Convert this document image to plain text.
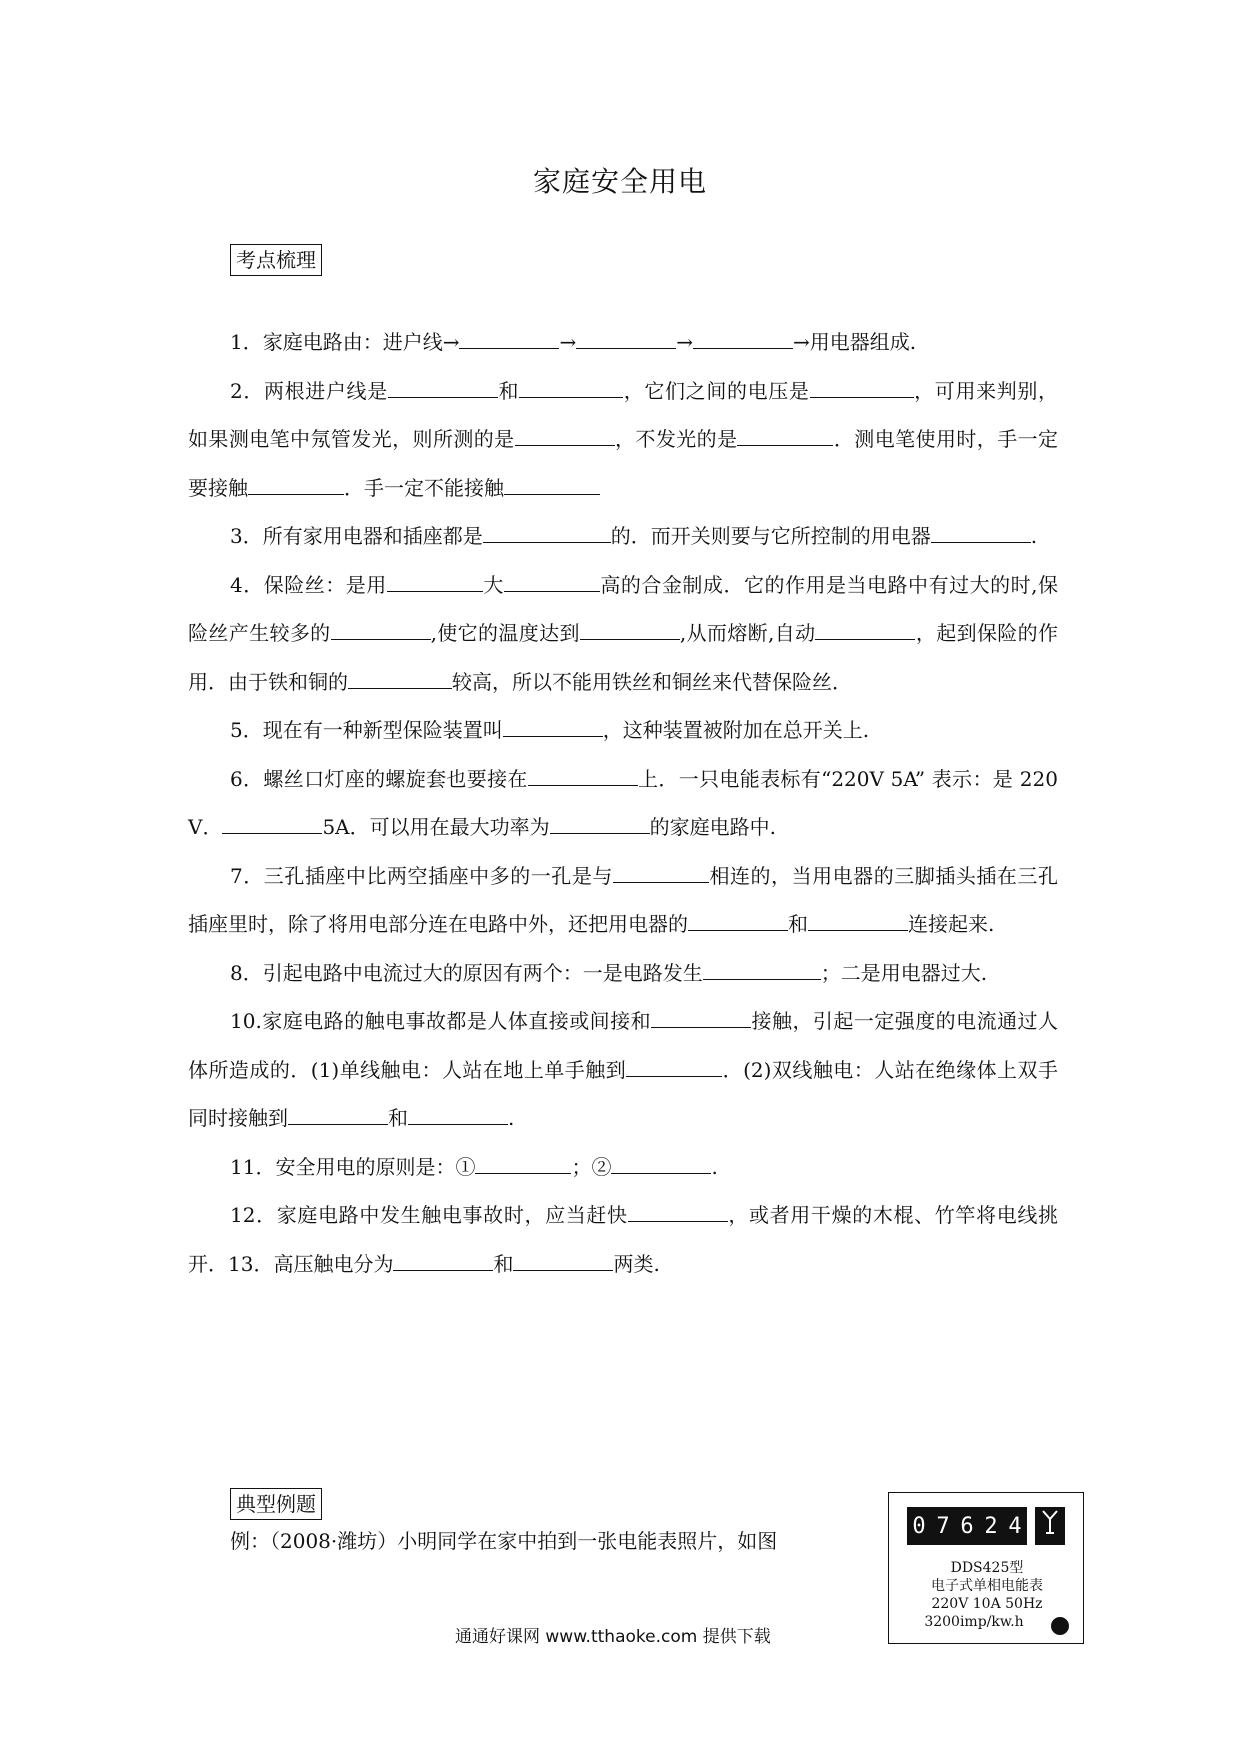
家庭安全用电
考点梳理

1．家庭电路由：进户线→	→	→	→用电器组成.

2．两根进户线是	和	，它们之间的电压是	，可用来判别，如果测电笔中氖管发光，则所测的是	，不发光的是	．测电笔使用时，手一定要接触	．手一定不能接触

3．所有家用电器和插座都是	的．而开关则要与它所控制的用电器	.

4．保险丝：是用	大	高的合金制成．它的作用是当电路中有过大的时,保险丝产生较多的	,使它的温度达到	,从而熔断,自动	，起到保险的作用．由于铁和铜的	较高，所以不能用铁丝和铜丝来代替保险丝．

5．现在有一种新型保险装置叫	，这种装置被附加在总开关上.

6．螺丝口灯座的螺旋套也要接在	上．一只电能表标有“220V 5A” 表示：是 220 V．	5A．可以用在最大功率为	的家庭电路中.

7．三孔插座中比两空插座中多的一孔是与	相连的，当用电器的三脚插头插在三孔插座里时，除了将用电部分连在电路中外，还把用电器的	和	连接起来.

8．引起电路中电流过大的原因有两个：一是电路发生	；二是用电器过大.

10.家庭电路的触电事故都是人体直接或间接和	接触，引起一定强度的电流通过人体所造成的．(1)单线触电：人站在地上单手触到	．(2)双线触电：人站在绝缘体上双手同时接触到	和	.

11．安全用电的原则是：①	；②	.

12．家庭电路中发生触电事故时，应当赶快	，或者用干燥的木棍、竹竿将电线挑开．13．高压触电分为	和	两类.

典型例题
例：（2008·潍坊）小明同学在家中拍到一张电能表照片，如图
0 7 6 2 4
DDS425型
电子式单相电能表
220V 10A 50Hz
3200imp/kw.h
通通好课网 www.tthaoke.com 提供下载
